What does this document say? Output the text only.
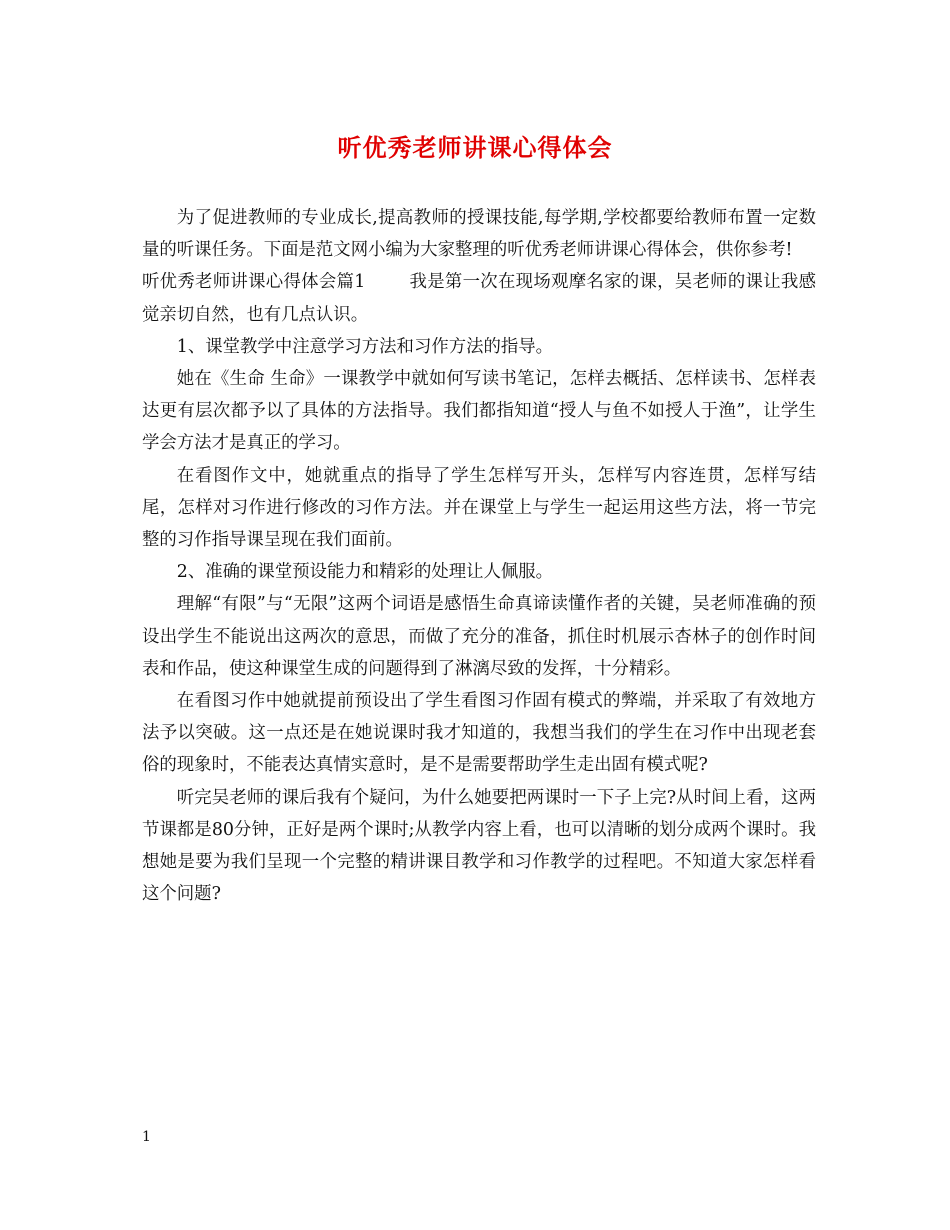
听优秀老师讲课心得体会

为了促进教师的专业成长,提高教师的授课技能,每学期,学校都要给教师布置一定数量的听课任务。下面是范文网小编为大家整理的听优秀老师讲课心得体会，供你参考!

听优秀老师讲课心得体会篇1	我是第一次在现场观摩名家的课，吴老师的课让我感觉亲切自然，也有几点认识。

1、课堂教学中注意学习方法和习作方法的指导。

她在《生命 生命》一课教学中就如何写读书笔记，怎样去概括、怎样读书、怎样表达更有层次都予以了具体的方法指导。我们都指知道“授人与鱼不如授人于渔”，让学生学会方法才是真正的学习。

在看图作文中，她就重点的指导了学生怎样写开头，怎样写内容连贯，怎样写结尾，怎样对习作进行修改的习作方法。并在课堂上与学生一起运用这些方法，将一节完整的习作指导课呈现在我们面前。

2、准确的课堂预设能力和精彩的处理让人佩服。

理解“有限”与“无限”这两个词语是感悟生命真谛读懂作者的关键，吴老师准确的预设出学生不能说出这两次的意思，而做了充分的准备，抓住时机展示杏林子的创作时间表和作品，使这种课堂生成的问题得到了淋漓尽致的发挥，十分精彩。

在看图习作中她就提前预设出了学生看图习作固有模式的弊端，并采取了有效地方法予以突破。这一点还是在她说课时我才知道的，我想当我们的学生在习作中出现老套俗的现象时，不能表达真情实意时，是不是需要帮助学生走出固有模式呢?

听完吴老师的课后我有个疑问，为什么她要把两课时一下子上完?从时间上看，这两节课都是80分钟，正好是两个课时;从教学内容上看，也可以清晰的划分成两个课时。我想她是要为我们呈现一个完整的精讲课目教学和习作教学的过程吧。不知道大家怎样看这个问题?

1
